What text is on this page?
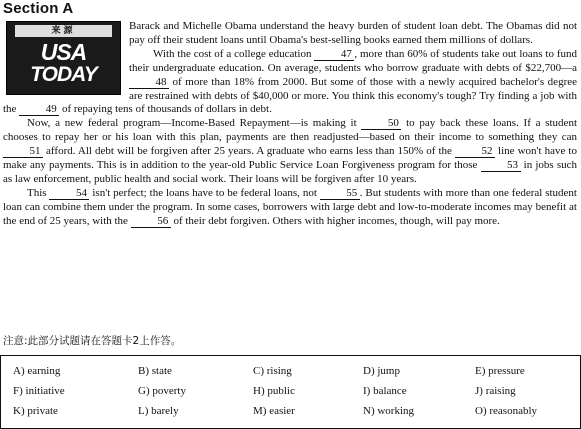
Section A
来源
USA
TODAY

Barack and Michelle Obama understand the heavy burden of student loan debt. The Obamas did not pay off their student loans until Obama's best-selling books earned them millions of dollars.

With the cost of a college education 47 , more than 60% of students take out loans to fund their undergraduate education. On average, students who borrow graduate with debts of $22,700—a 48 of more than 18% from 2000. But some of those with a newly acquired bachelor's degree are restrained with debts of $40,000 or more. You think this economy's tough? Try finding a job with the 49 of repaying tens of thousands of dollars in debt.

Now, a new federal program—Income-Based Repayment—is making it 50 to pay back these loans. If a student chooses to repay her or his loan with this plan, payments are then readjusted—based on their income to something they can 51 afford. All debt will be forgiven after 25 years. A graduate who earns less than 150% of the 52 line won't have to make any payments. This is in addition to the year-old Public Service Loan Forgiveness program for those 53 in jobs such as law enforcement, public health and social work. Their loans will be forgiven after 10 years.

This 54 isn't perfect; the loans have to be federal loans, not 55 . But students with more than one federal student loan can combine them under the program. In some cases, borrowers with large debt and low-to-moderate incomes may benefit at the end of 25 years, with the 56 of their debt forgiven. Others with higher incomes, though, will pay more.

注意:此部分试题请在答题卡2上作答。
A) earning	B) state	C) rising	D) jump	E) pressure
F) initiative	G) poverty	H) public	I) balance	J) raising
K) private	L) barely	M) easier	N) working	O) reasonably
